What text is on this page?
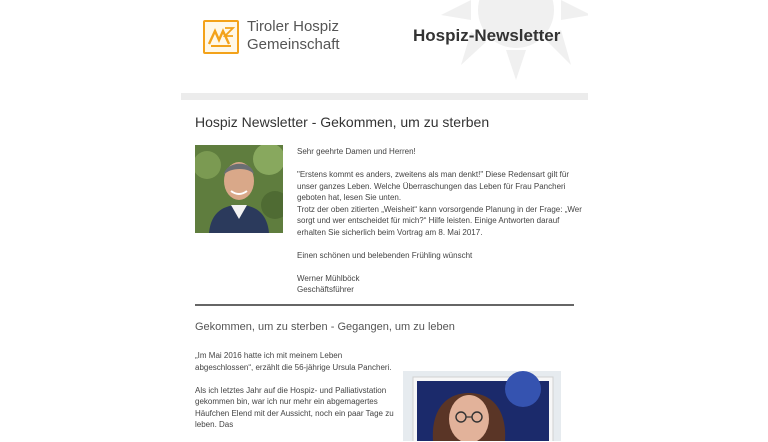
Tiroler Hospiz
Gemeinschaft	Hospiz-Newsletter
Hospiz Newsletter - Gekommen, um zu sterben

Sehr geehrte Damen und Herren!

"Erstens kommt es anders, zweitens als man denkt!" Diese Redensart gilt für unser ganzes Leben. Welche Überraschungen das Leben für Frau Pancheri geboten hat, lesen Sie unten.
Trotz der oben zitierten „Weisheit“ kann vorsorgende Planung in der Frage: „Wer sorgt und wer entscheidet für mich?“ Hilfe leisten. Einige Antworten darauf erhalten Sie sicherlich beim Vortrag am 8. Mai 2017.

Einen schönen und belebenden Frühling wünscht

Werner Mühlböck

Geschäftsführer

Gekommen, um zu sterben - Gegangen, um zu leben

„Im Mai 2016 hatte ich mit meinem Leben abgeschlossen“, erzählt die 56-jährige Ursula Pancheri.

Als ich letztes Jahr auf die Hospiz- und Palliativstation gekommen bin, war ich nur mehr ein abgemagertes Häufchen Elend mit der Aussicht, noch ein paar Tage zu leben. Das
